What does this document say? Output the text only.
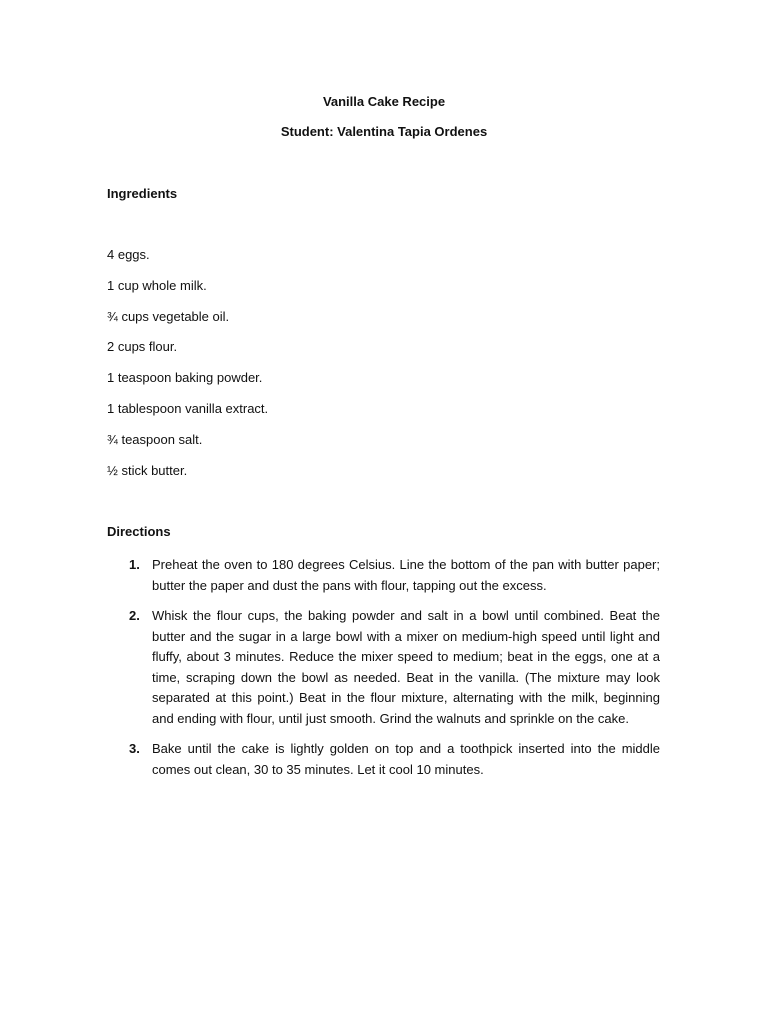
Vanilla Cake Recipe
Student: Valentina Tapia Ordenes
Ingredients
4 eggs.
1 cup whole milk.
¾ cups vegetable oil.
2 cups flour.
1 teaspoon baking powder.
1 tablespoon vanilla extract.
¾ teaspoon salt.
½ stick butter.
Directions
1. Preheat the oven to 180 degrees Celsius. Line the bottom of the pan with butter paper; butter the paper and dust the pans with flour, tapping out the excess.
2. Whisk the flour cups, the baking powder and salt in a bowl until combined. Beat the butter and the sugar in a large bowl with a mixer on medium-high speed until light and fluffy, about 3 minutes. Reduce the mixer speed to medium; beat in the eggs, one at a time, scraping down the bowl as needed. Beat in the vanilla. (The mixture may look separated at this point.) Beat in the flour mixture, alternating with the milk, beginning and ending with flour, until just smooth. Grind the walnuts and sprinkle on the cake.
3. Bake until the cake is lightly golden on top and a toothpick inserted into the middle comes out clean, 30 to 35 minutes. Let it cool 10 minutes.
